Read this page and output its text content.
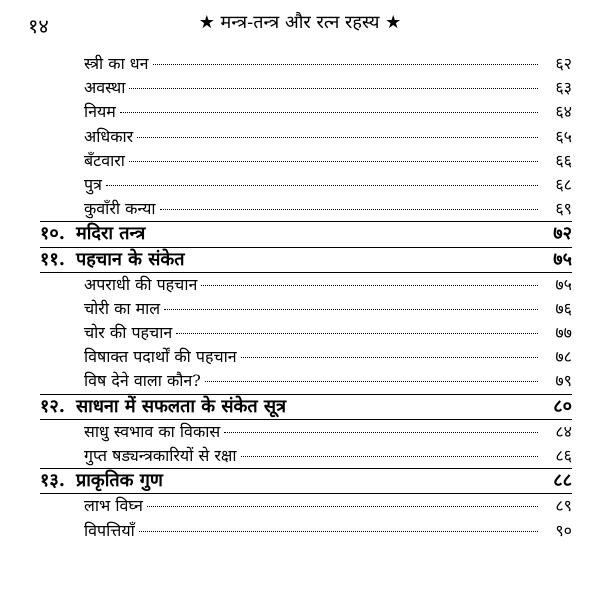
१४	★ मन्त्र-तन्त्र और रत्न रहस्य ★
स्त्री का धन	६२
अवस्था	६३
नियम	६४
अधिकार	६५
बँटवारा	६६
पुत्र	६८
कुवाँरी कन्या	६९
१०. मदिरा तन्त्र	७२
११. पहचान के संकेत	७५
अपराधी की पहचान	७५
चोरी का माल	७६
चोर की पहचान	७७
विषाक्त पदार्थों की पहचान	७८
विष देने वाला कौन?	७९
१२. साधना में सफलता के संकेत सूत्र	८०
साधु स्वभाव का विकास	८४
गुप्त षड्यन्त्रकारियों से रक्षा	८६
१३. प्राकृतिक गुण	८८
लाभ विघ्न	८९
विपत्तियाँ	९०
